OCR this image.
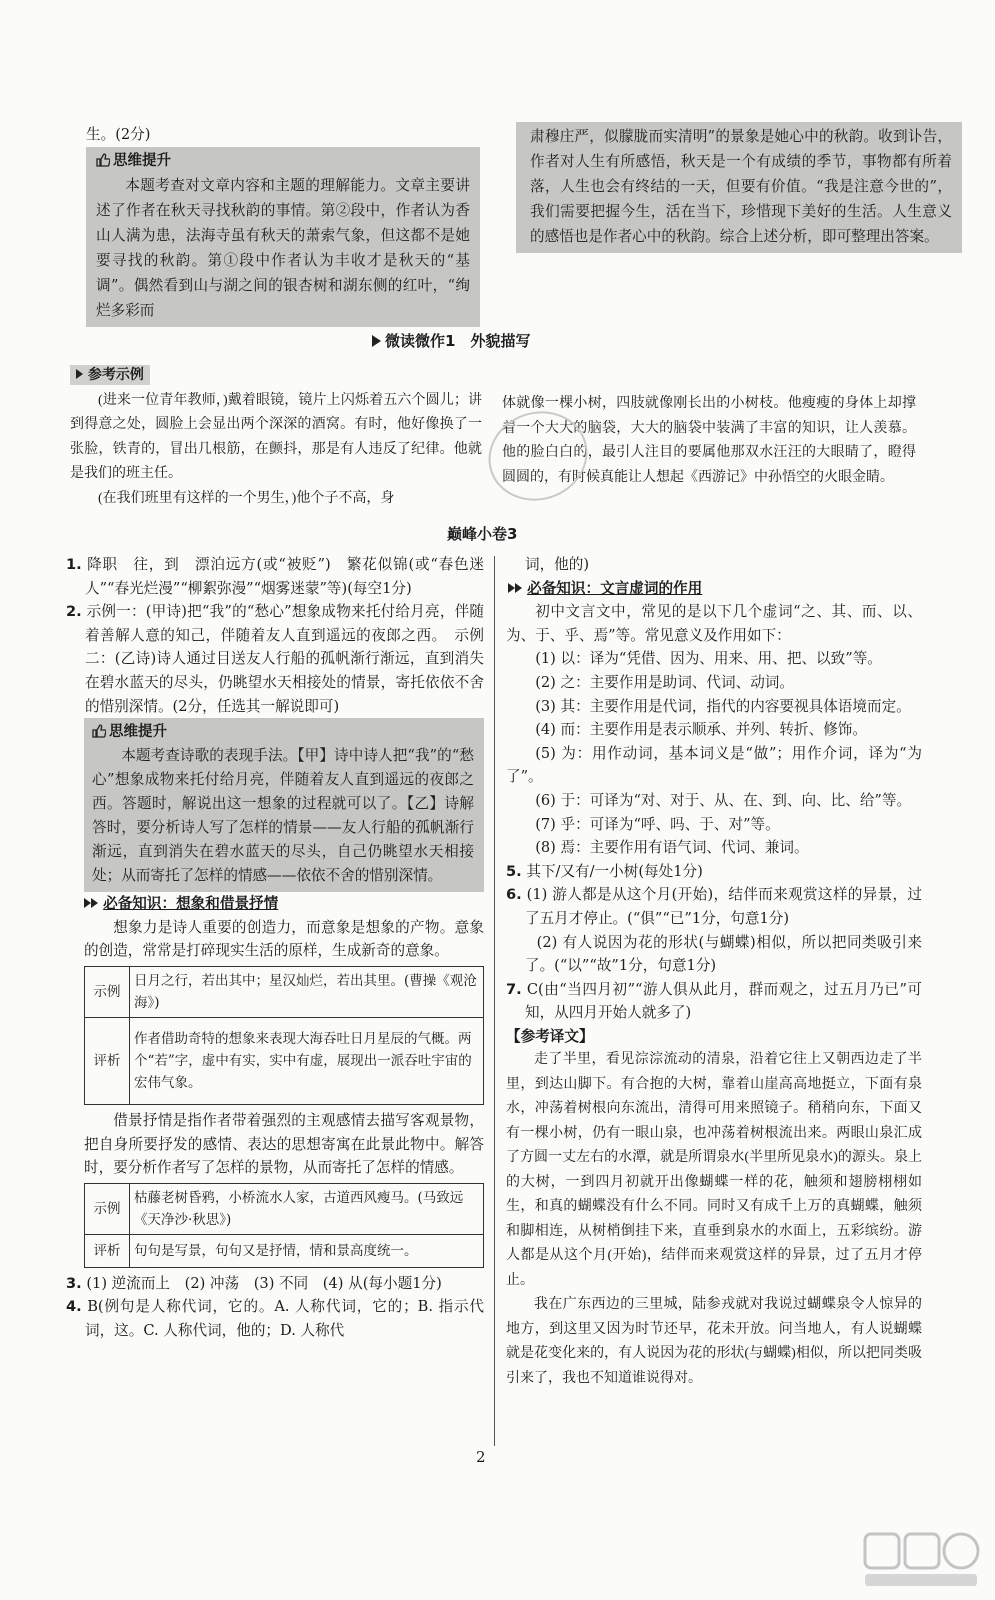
生。(2分)

思维提升

本题考查对文章内容和主题的理解能力。文章主要讲述了作者在秋天寻找秋韵的事情。第②段中，作者认为香山人满为患，法海寺虽有秋天的萧索气象，但这都不是她要寻找的秋韵。第①段中作者认为丰收才是秋天的“基调”。偶然看到山与湖之间的银杏树和湖东侧的红叶，“绚烂多彩而

肃穆庄严，似朦胧而实清明”的景象是她心中的秋韵。收到讣告，作者对人生有所感悟，秋天是一个有成绩的季节，事物都有所着落，人生也会有终结的一天，但要有价值。“我是注意今世的”，我们需要把握今生，活在当下，珍惜现下美好的生活。人生意义的感悟也是作者心中的秋韵。综合上述分析，即可整理出答案。

微读微作1　外貌描写
参考示例

(进来一位青年教师，)戴着眼镜，镜片上闪烁着五六个圆儿；讲到得意之处，圆脸上会显出两个深深的酒窝。有时，他好像换了一张脸，铁青的，冒出几根筋，在颤抖，那是有人违反了纪律。他就是我们的班主任。

(在我们班里有这样的一个男生，)他个子不高，身

体就像一棵小树，四肢就像刚长出的小树枝。他瘦瘦的身体上却撑着一个大大的脑袋，大大的脑袋中装满了丰富的知识，让人羡慕。他的脸白白的，最引人注目的要属他那双水汪汪的大眼睛了，瞪得圆圆的，有时候真能让人想起《西游记》中孙悟空的火眼金睛。

巅峰小卷3

1. 降职　往，到　漂泊远方(或“被贬”)　繁花似锦(或“春色迷人”“春光烂漫”“柳絮弥漫”“烟雾迷蒙”等)(每空1分)

2. 示例一：(甲诗)把“我”的“愁心”想象成物来托付给月亮，伴随着善解人意的知己，伴随着友人直到遥远的夜郎之西。　示例二：(乙诗)诗人通过目送友人行船的孤帆渐行渐远，直到消失在碧水蓝天的尽头，仍眺望水天相接处的情景，寄托依依不舍的惜别深情。(2分，任选其一解说即可)

思维提升

本题考查诗歌的表现手法。【甲】诗中诗人把“我”的“愁心”想象成物来托付给月亮，伴随着友人直到遥远的夜郎之西。答题时，解说出这一想象的过程就可以了。【乙】诗解答时，要分析诗人写了怎样的情景——友人行船的孤帆渐行渐远，直到消失在碧水蓝天的尽头，自己仍眺望水天相接处；从而寄托了怎样的情感——依依不舍的惜别深情。

必备知识：想象和借景抒情

想象力是诗人重要的创造力，而意象是想象的产物。意象的创造，常常是打碎现实生活的原样，生成新奇的意象。

示例	日月之行，若出其中；星汉灿烂，若出其里。(曹操《观沧海》)
评析	作者借助奇特的想象来表现大海吞吐日月星辰的气概。两个“若”字，虚中有实，实中有虚，展现出一派吞吐宇宙的宏伟气象。

借景抒情是指作者带着强烈的主观感情去描写客观景物，把自身所要抒发的感情、表达的思想寄寓在此景此物中。解答时，要分析作者写了怎样的景物，从而寄托了怎样的情感。

示例	枯藤老树昏鸦，小桥流水人家，古道西风瘦马。(马致远《天净沙·秋思》)
评析	句句是写景，句句又是抒情，情和景高度统一。

3. (1) 逆流而上　(2) 冲荡　(3) 不同　(4) 从(每小题1分)

4. B(例句是人称代词，它的。A. 人称代词，它的；B. 指示代词，这。C. 人称代词，他的；D. 人称代

词，他的)

必备知识：文言虚词的作用

初中文言文中，常见的是以下几个虚词“之、其、而、以、为、于、乎、焉”等。常见意义及作用如下：

(1) 以：译为“凭借、因为、用来、用、把、以致”等。

(2) 之：主要作用是助词、代词、动词。

(3) 其：主要作用是代词，指代的内容要视具体语境而定。

(4) 而：主要作用是表示顺承、并列、转折、修饰。

(5) 为：用作动词，基本词义是“做”；用作介词，译为“为了”。

(6) 于：可译为“对、对于、从、在、到、向、比、给”等。

(7) 乎：可译为“呼、吗、于、对”等。

(8) 焉：主要作用有语气词、代词、兼词。

5. 其下/又有/一小树(每处1分)

6. (1) 游人都是从这个月(开始)，结伴而来观赏这样的异景，过了五月才停止。(“俱”“已”1分，句意1分)

(2) 有人说因为花的形状(与蝴蝶)相似，所以把同类吸引来了。(“以”“故”1分，句意1分)

7. C(由“当四月初”“游人俱从此月，群而观之，过五月乃已”可知，从四月开始人就多了)

【参考译文】

走了半里，看见淙淙流动的清泉，沿着它往上又朝西边走了半里，到达山脚下。有合抱的大树，靠着山崖高高地挺立，下面有泉水，冲荡着树根向东流出，清得可用来照镜子。稍稍向东，下面又有一棵小树，仍有一眼山泉，也冲荡着树根流出来。两眼山泉汇成了方圆一丈左右的水潭，就是所谓泉水(半里所见泉水)的源头。泉上的大树，一到四月初就开出像蝴蝶一样的花，触须和翅膀栩栩如生，和真的蝴蝶没有什么不同。同时又有成千上万的真蝴蝶，触须和脚相连，从树梢倒挂下来，直垂到泉水的水面上，五彩缤纷。游人都是从这个月(开始)，结伴而来观赏这样的异景，过了五月才停止。

我在广东西边的三里城，陆参戎就对我说过蝴蝶泉令人惊异的地方，到这里又因为时节还早，花未开放。问当地人，有人说蝴蝶就是花变化来的，有人说因为花的形状(与蝴蝶)相似，所以把同类吸引来了，我也不知道谁说得对。

2
